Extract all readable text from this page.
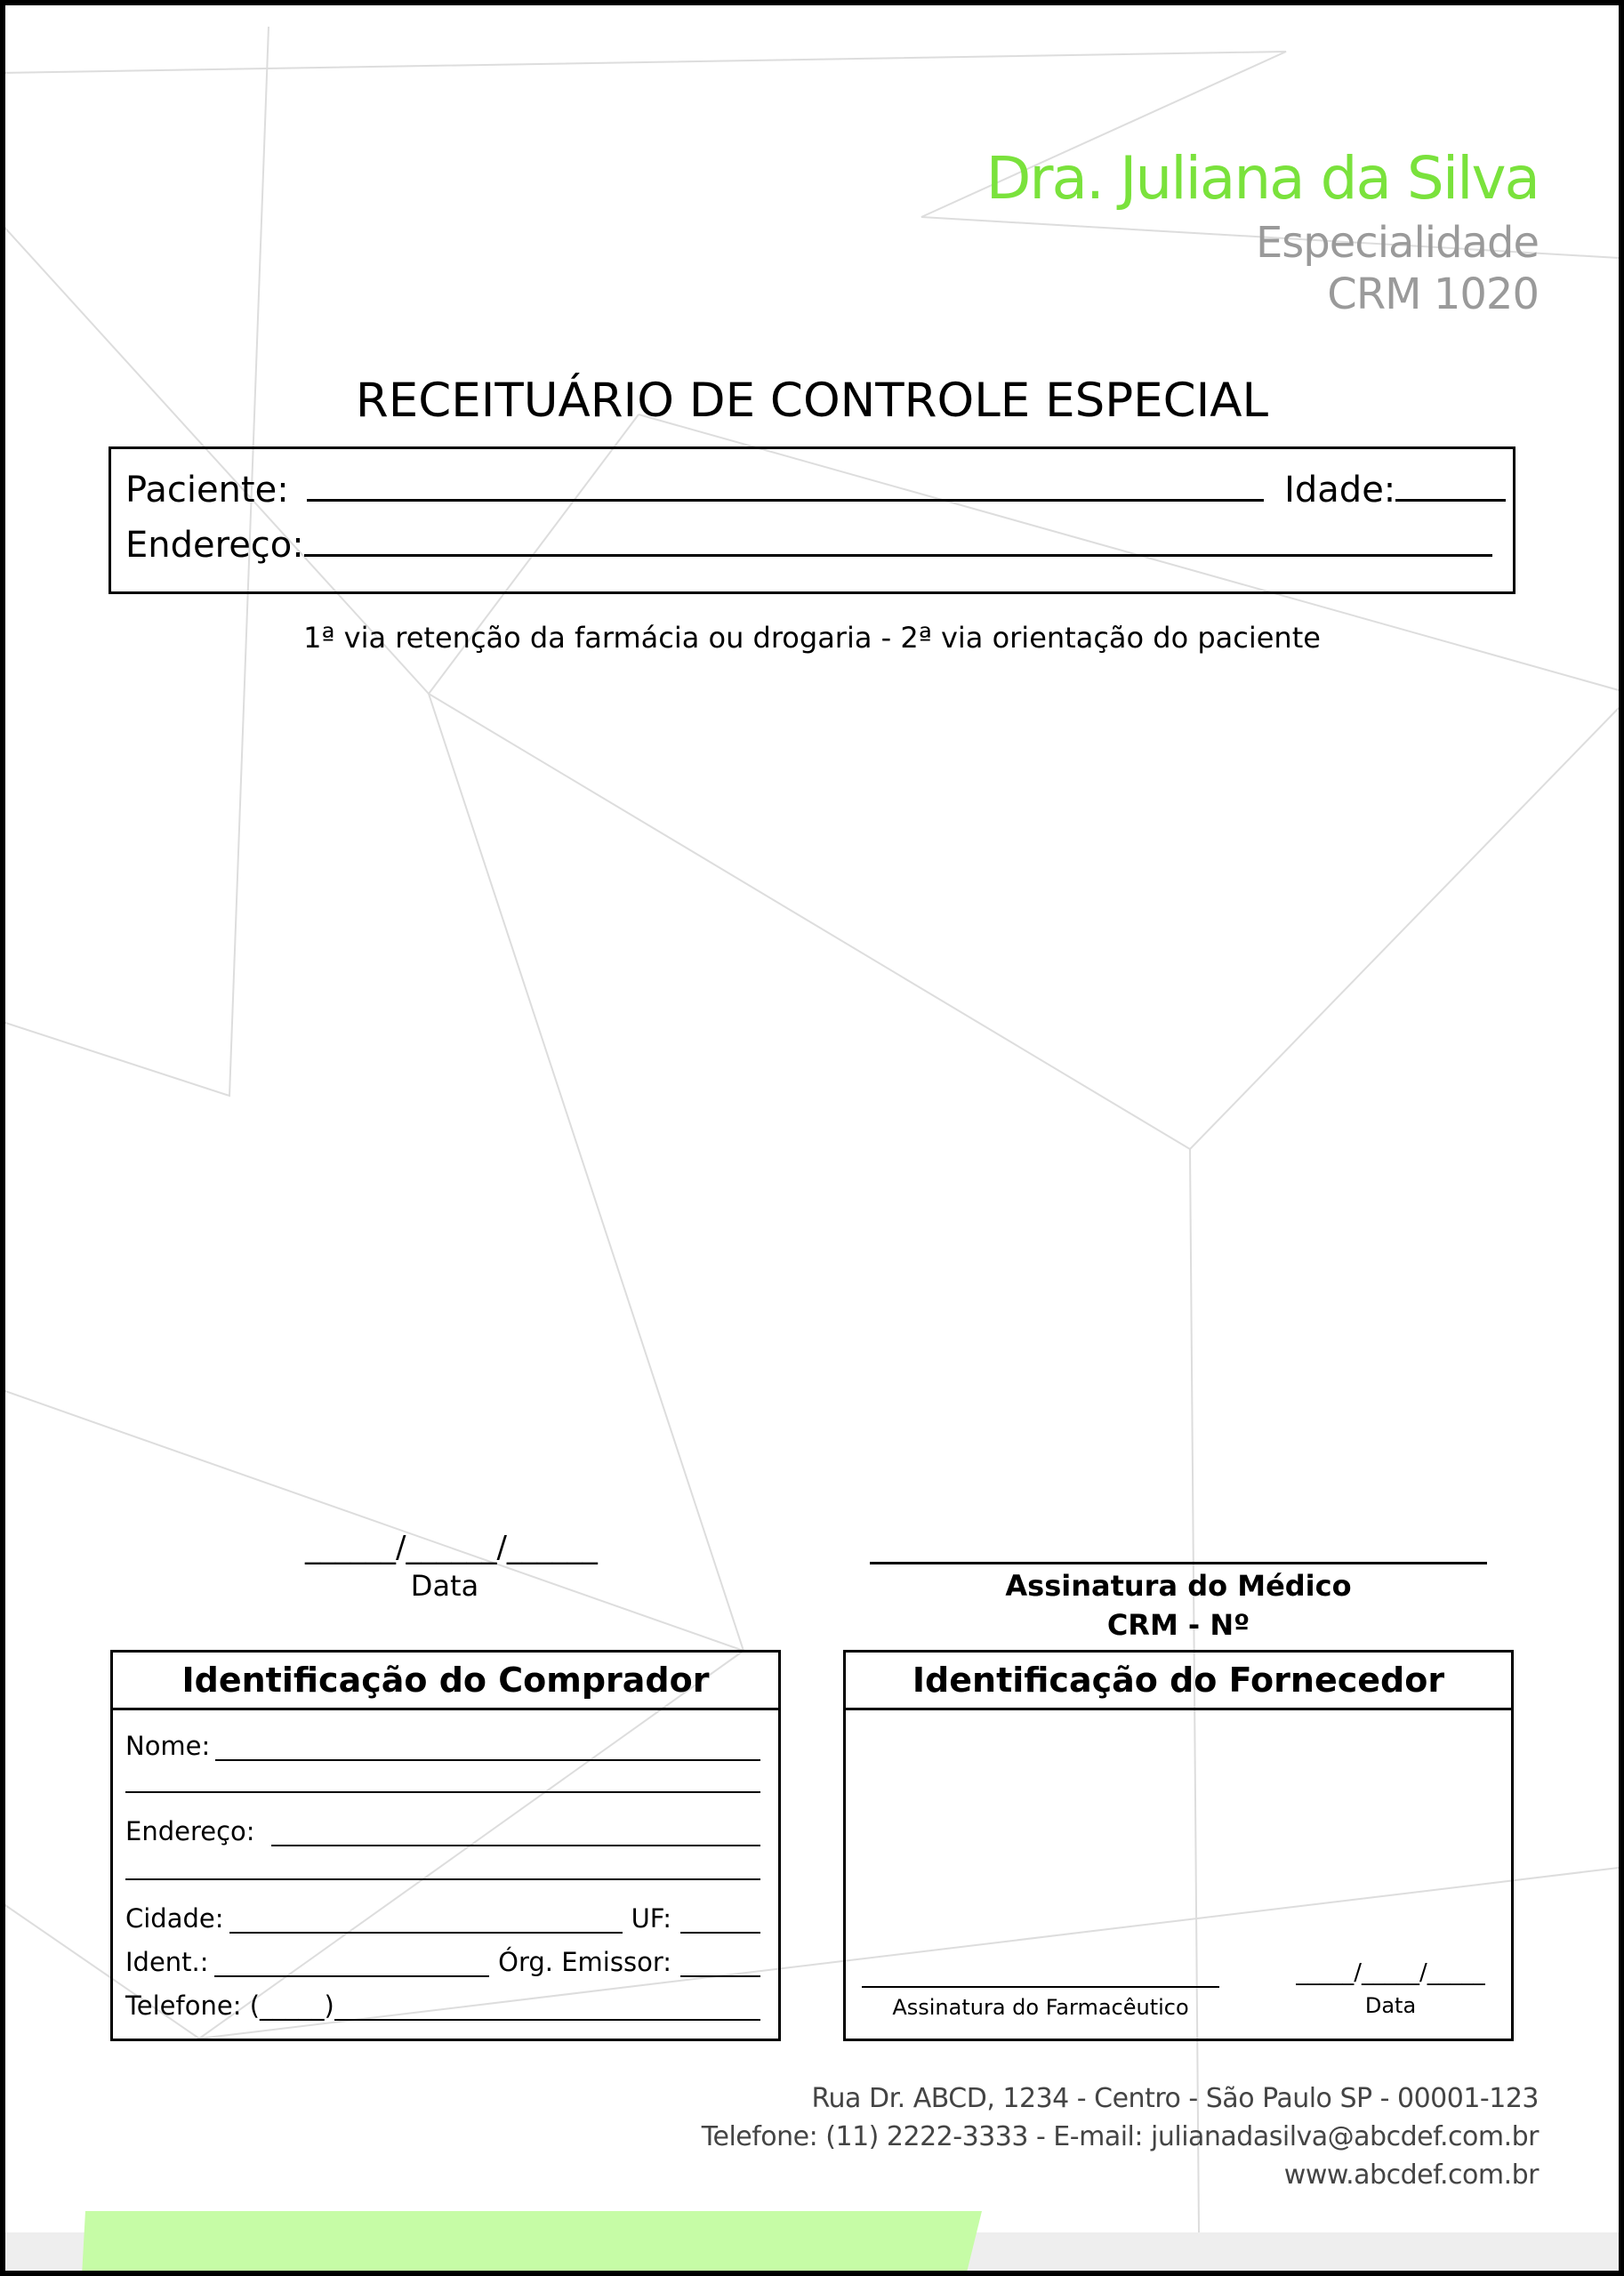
Dra. Juliana da Silva
Especialidade
CRM 1020
RECEITUÁRIO DE CONTROLE ESPECIAL
Paciente:	Idade:
Endereço:
1ª via retenção da farmácia ou drogaria - 2ª via orientação do paciente
______/______/______
Data	Assinatura do Médico
CRM - Nº
Identificação do Comprador
Nome:
Endereço:
Cidade:	UF:
Ident.:	Órg. Emissor:
Telefone: (_____)
Identificação do Fornecedor
Assinatura do Farmacêutico
_____/_____/_____
Data
Rua Dr. ABCD, 1234 - Centro - São Paulo SP - 00001-123
Telefone: (11) 2222-3333 - E-mail: julianadasilva@abcdef.com.br
www.abcdef.com.br
